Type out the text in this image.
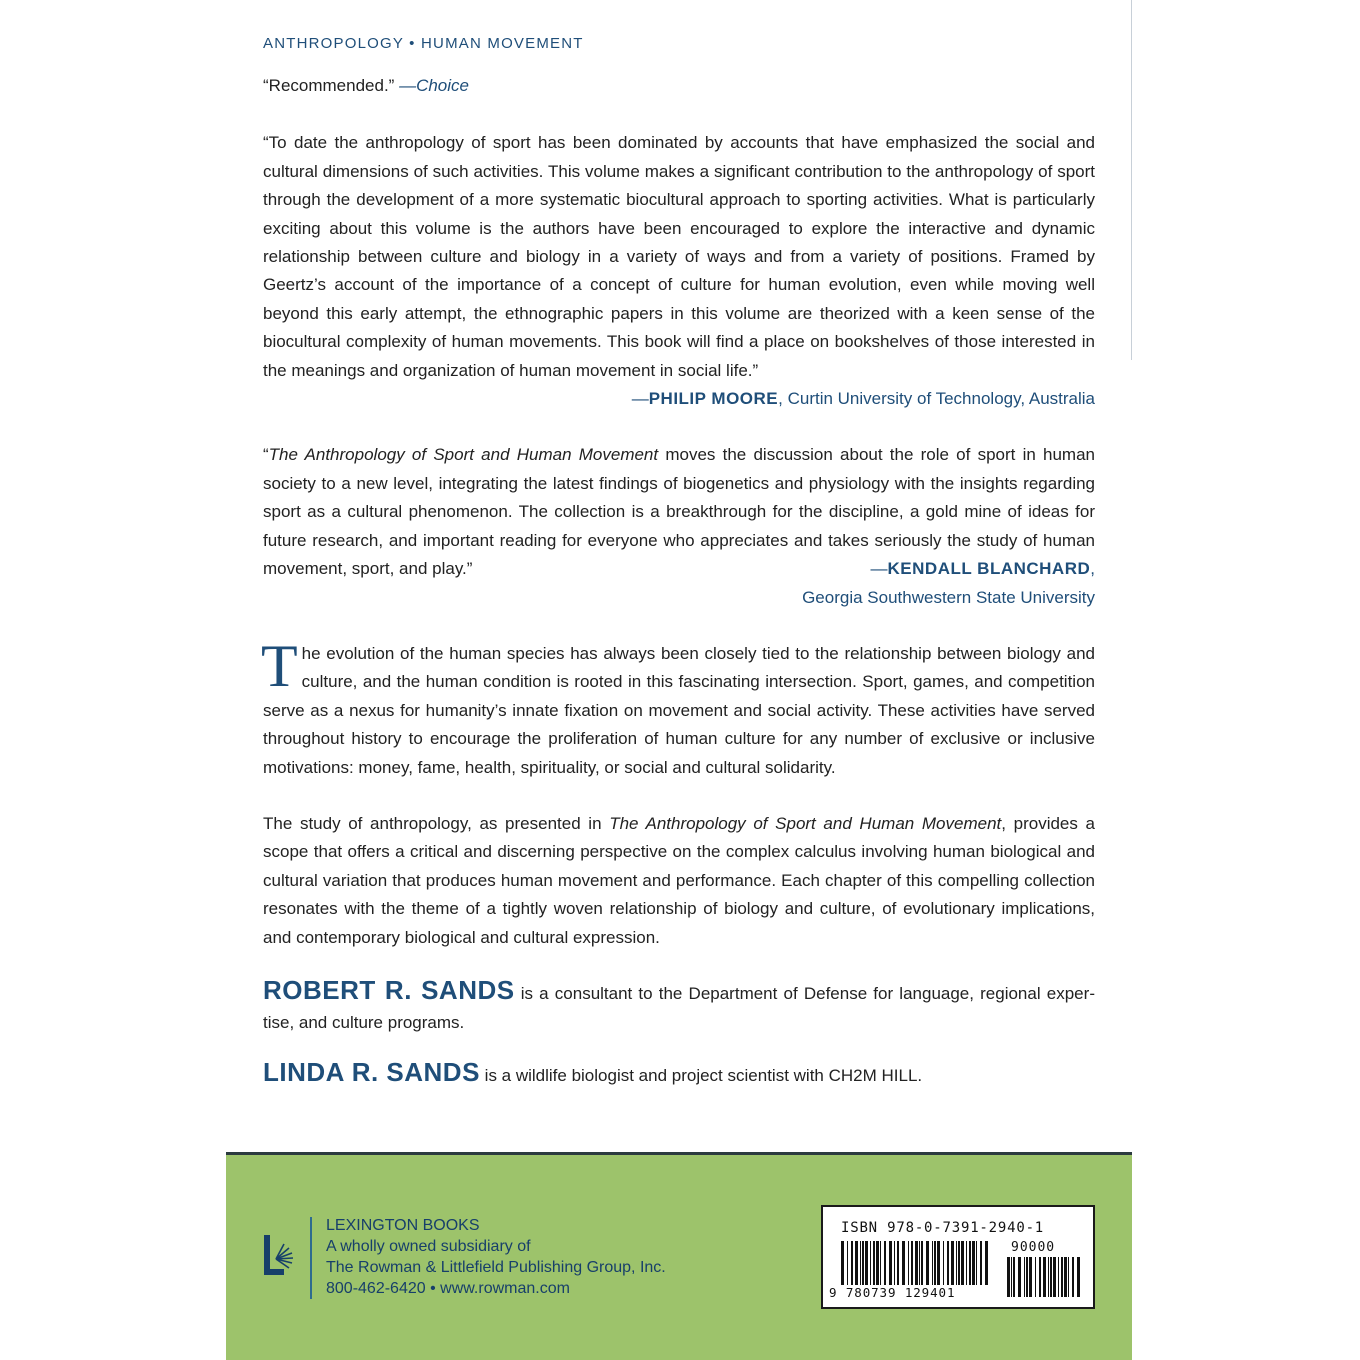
ANTHROPOLOGY • HUMAN MOVEMENT

“Recommended.” —Choice

“To date the anthropology of sport has been dominated by accounts that have emphasized the social and cultural dimensions of such activities. This volume makes a significant contribution to the anthropology of sport through the development of a more systematic biocultural approach to sporting activities. What is particularly exciting about this volume is the authors have been encouraged to explore the interactive and dynamic relationship between culture and biology in a variety of ways and from a variety of positions. Framed by Geertz’s account of the importance of a concept of culture for human evolution, even while moving well beyond this early attempt, the ethnographic papers in this volume are theorized with a keen sense of the biocultural complexity of human movements. This book will find a place on bookshelves of those interested in the meanings and organization of human movement in social life.”

—PHILIP MOORE, Curtin University of Technology, Australia

“The Anthropology of Sport and Human Movement moves the discussion about the role of sport in human society to a new level, integrating the latest findings of biogenetics and physiology with the insights regarding sport as a cultural phenomenon. The collection is a breakthrough for the discipline, a gold mine of ideas for future research, and important reading for everyone who appreciates and takes seriously the study of human movement, sport, and play.”	—KENDALL BLANCHARD,

Georgia Southwestern State University

The evolution of the human species has always been closely tied to the relationship between biology and culture, and the human condition is rooted in this fascinating intersection. Sport, games, and competition serve as a nexus for humanity’s innate fixation on movement and social activity. These activities have served throughout history to encourage the proliferation of human culture for any number of exclusive or inclusive motivations: money, fame, health, spirituality, or social and cultural solidarity.

The study of anthropology, as presented in The Anthropology of Sport and Human Movement, provides a scope that offers a critical and discerning perspective on the complex calculus involving human biological and cultural variation that produces human movement and performance. Each chapter of this compelling collection resonates with the theme of a tightly woven relationship of biology and culture, of evolutionary implications, and contemporary biological and cultural expression.

ROBERT R. SANDS is a consultant to the Department of Defense for language, regional expertise, and culture programs.

LINDA R. SANDS is a wildlife biologist and project scientist with CH2M HILL.

LEXINGTON BOOKS
A wholly owned subsidiary of
The Rowman & Littlefield Publishing Group, Inc.
800-462-6420 • www.rowman.com
ISBN 978-0-7391-2940-1
90000
9 780739 129401
